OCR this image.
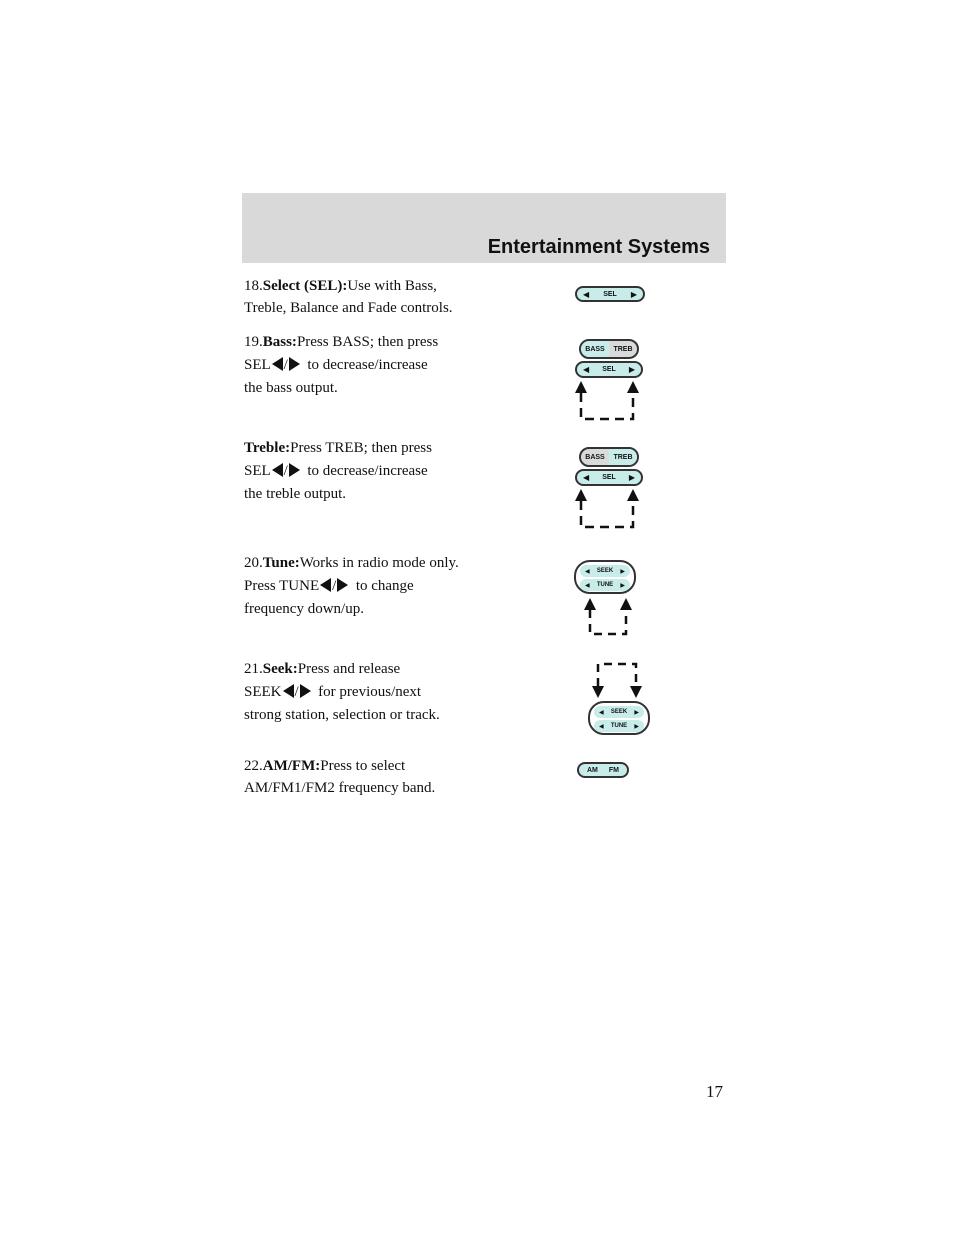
Entertainment Systems
18.Select (SEL):Use with Bass,
Treble, Balance and Fade controls.
◀	SEL	▶
19.Bass:Press BASS; then press
SEL / to decrease/increase
the bass output.
BASS	TREB
◀	SEL	▶
Treble:Press TREB; then press
SEL / to decrease/increase
the treble output.
BASS	TREB
◀	SEL	▶
20.Tune:Works in radio mode only.
Press TUNE / to change
frequency down/up.
◀ SEEK ▶
◀ TUNE ▶
21.Seek:Press and release
SEEK / for previous/next
strong station, selection or track.	◀ SEEK ▶
◀ TUNE ▶
22.AM/FM:Press to select
AM/FM1/FM2 frequency band.
AM FM
17
